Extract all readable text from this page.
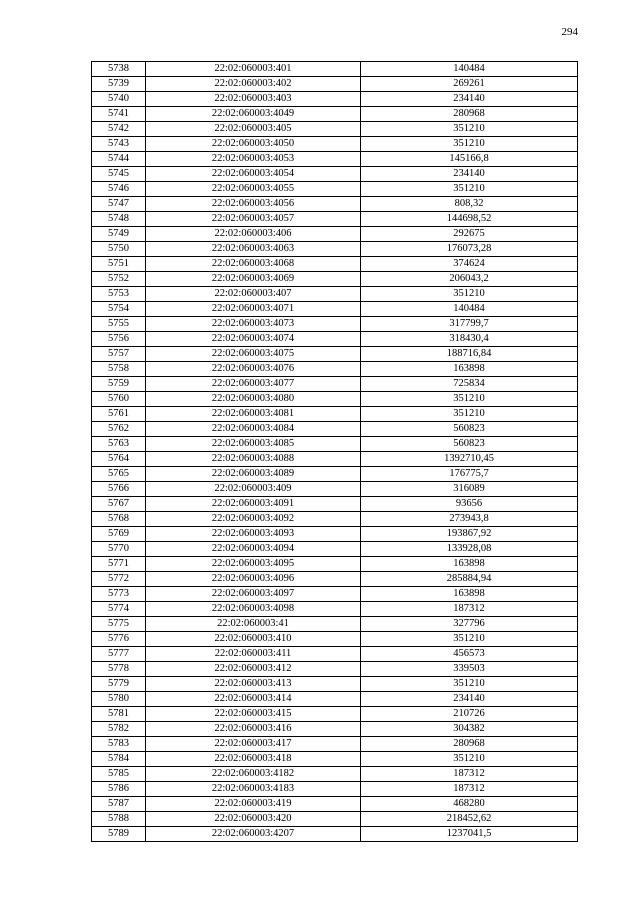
294
5738	22:02:060003:401	140484
5739	22:02:060003:402	269261
5740	22:02:060003:403	234140
5741	22:02:060003:4049	280968
5742	22:02:060003:405	351210
5743	22:02:060003:4050	351210
5744	22:02:060003:4053	145166,8
5745	22:02:060003:4054	234140
5746	22:02:060003:4055	351210
5747	22:02:060003:4056	808,32
5748	22:02:060003:4057	144698,52
5749	22:02:060003:406	292675
5750	22:02:060003:4063	176073,28
5751	22:02:060003:4068	374624
5752	22:02:060003:4069	206043,2
5753	22:02:060003:407	351210
5754	22:02:060003:4071	140484
5755	22:02:060003:4073	317799,7
5756	22:02:060003:4074	318430,4
5757	22:02:060003:4075	188716,84
5758	22:02:060003:4076	163898
5759	22:02:060003:4077	725834
5760	22:02:060003:4080	351210
5761	22:02:060003:4081	351210
5762	22:02:060003:4084	560823
5763	22:02:060003:4085	560823
5764	22:02:060003:4088	1392710,45
5765	22:02:060003:4089	176775,7
5766	22:02:060003:409	316089
5767	22:02:060003:4091	93656
5768	22:02:060003:4092	273943,8
5769	22:02:060003:4093	193867,92
5770	22:02:060003:4094	133928,08
5771	22:02:060003:4095	163898
5772	22:02:060003:4096	285884,94
5773	22:02:060003:4097	163898
5774	22:02:060003:4098	187312
5775	22:02:060003:41	327796
5776	22:02:060003:410	351210
5777	22:02:060003:411	456573
5778	22:02:060003:412	339503
5779	22:02:060003:413	351210
5780	22:02:060003:414	234140
5781	22:02:060003:415	210726
5782	22:02:060003:416	304382
5783	22:02:060003:417	280968
5784	22:02:060003:418	351210
5785	22:02:060003:4182	187312
5786	22:02:060003:4183	187312
5787	22:02:060003:419	468280
5788	22:02:060003:420	218452,62
5789	22:02:060003:4207	1237041,5
